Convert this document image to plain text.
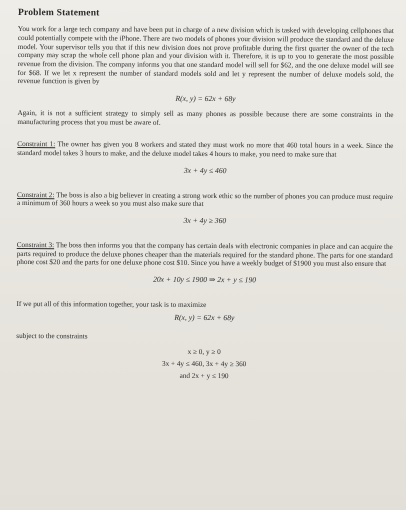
Problem Statement

You work for a large tech company and have been put in charge of a new division which is tasked with developing cellphones that could potentially compete with the iPhone. There are two models of phones your division will produce the standard and the deluxe model. Your supervisor tells you that if this new division does not prove profitable during the first quarter the owner of the tech company may scrap the whole cell phone plan and your division with it. Therefore, it is up to you to generate the most possible revenue from the division. The company informs you that one standard model will sell for $62, and the one deluxe model will see for $68. If we let x represent the number of standard models sold and let y represent the number of deluxe models sold, the revenue function is given by

R(x, y) = 62x + 68y

Again, it is not a sufficient strategy to simply sell as many phones as possible because there are some constraints in the manufacturing process that you must be aware of.

Constraint 1: The owner has given you 8 workers and stated they must work no more that 460 total hours in a week. Since the standard model takes 3 hours to make, and the deluxe model takes 4 hours to make, you need to make sure that

3x + 4y ≤ 460

Constraint 2: The boss is also a big believer in creating a strong work ethic so the number of phones you can produce must require a minimum of 360 hours a week so you must also make sure that

3x + 4y ≥ 360

Constraint 3: The boss then informs you that the company has certain deals with electronic companies in place and can acquire the parts required to produce the deluxe phones cheaper than the materials required for the standard phone. The parts for one standard phone cost $20 and the parts for one deluxe phone cost $10. Since you have a weekly budget of $1900 you must also ensure that

20x + 10y ≤ 1900 ⇒ 2x + y ≤ 190

If we put all of this information together, your task is to maximize

R(x, y) = 62x + 68y

subject to the constraints

x ≥ 0, y ≥ 0
3x + 4y ≤ 460, 3x + 4y ≥ 360
and 2x + y ≤ 190
